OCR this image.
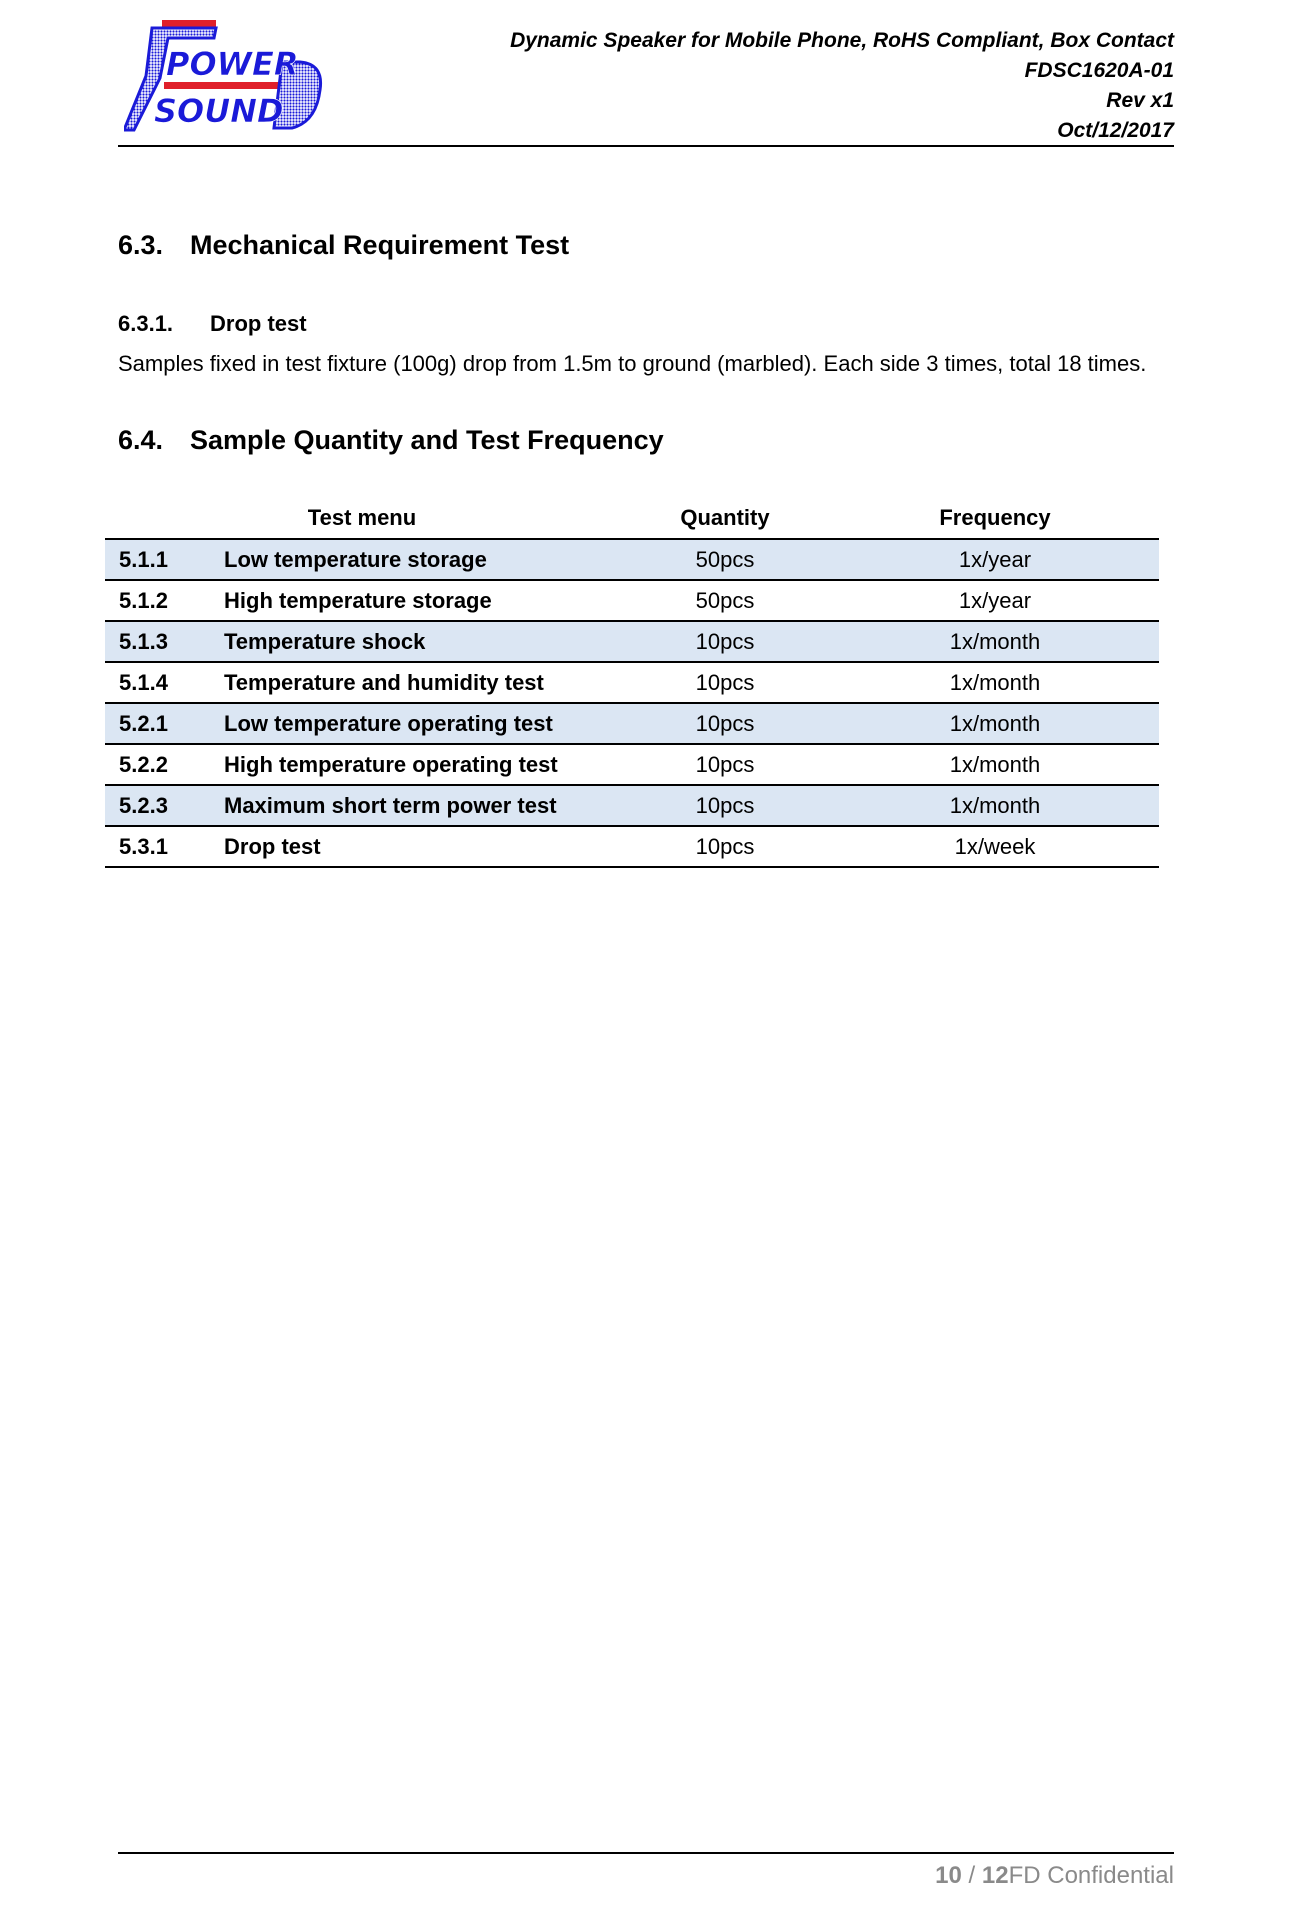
POWER
SOUND
Dynamic Speaker for Mobile Phone, RoHS Compliant, Box Contact
FDSC1620A-01
Rev x1
Oct/12/2017
6.3. Mechanical Requirement Test
6.3.1. Drop test
Samples fixed in test fixture (100g) drop from 1.5m to ground (marbled). Each side 3 times, total 18 times.
6.4. Sample Quantity and Test Frequency
Test menu		Quantity	Frequency
5.1.1	Low temperature storage	50pcs	1x/year
5.1.2	High temperature storage	50pcs	1x/year
5.1.3	Temperature shock	10pcs	1x/month
5.1.4	Temperature and humidity test	10pcs	1x/month
5.2.1	Low temperature operating test	10pcs	1x/month
5.2.2	High temperature operating test	10pcs	1x/month
5.2.3	Maximum short term power test	10pcs	1x/month
5.3.1	Drop test	10pcs	1x/week
10 / 12FD Confidential
